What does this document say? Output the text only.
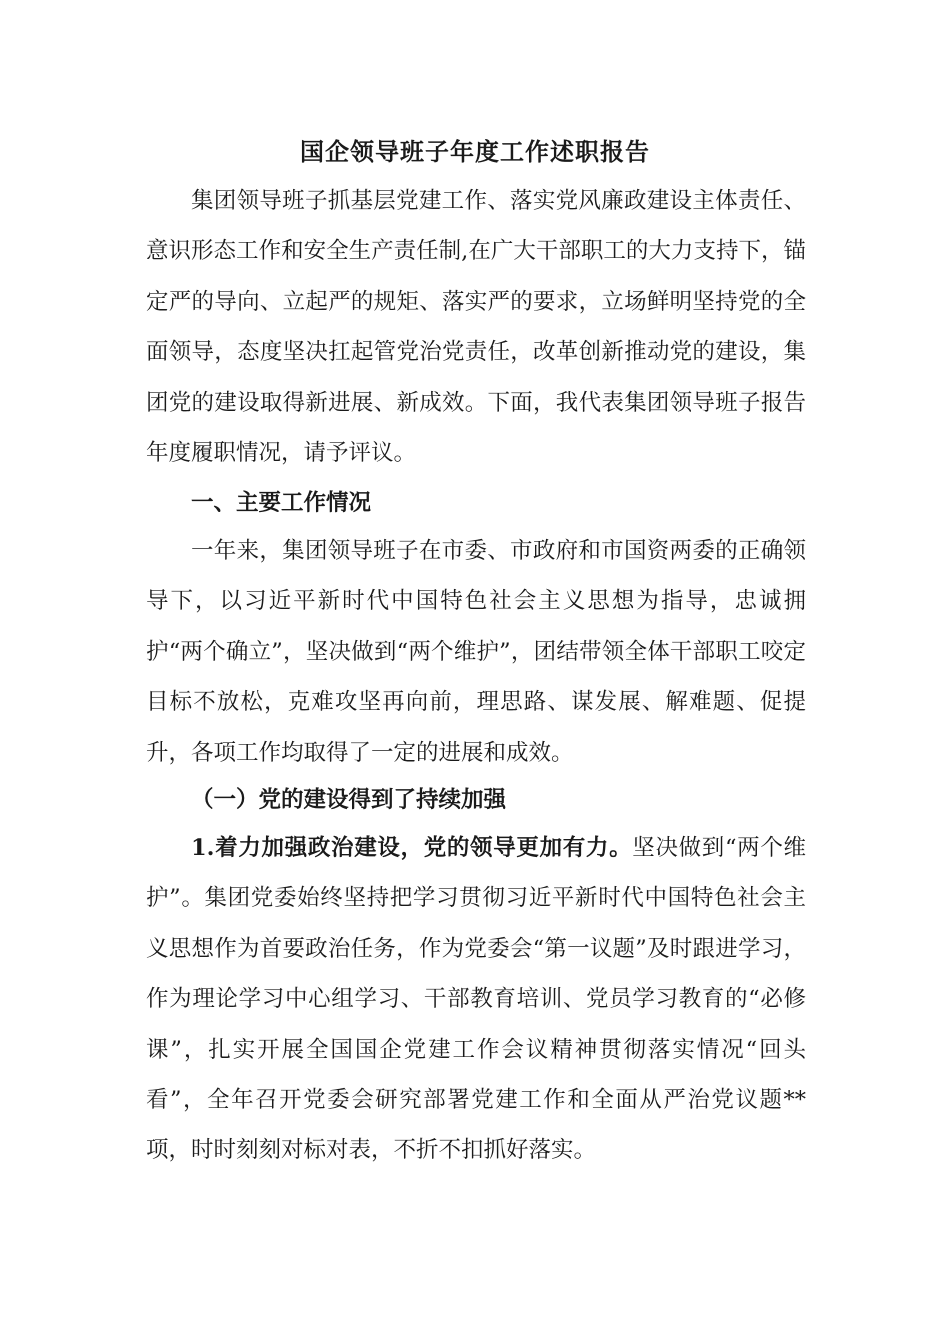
国企领导班子年度工作述职报告

集团领导班子抓基层党建工作、落实党风廉政建设主体责任、意识形态工作和安全生产责任制,在广大干部职工的大力支持下，锚定严的导向、立起严的规矩、落实严的要求，立场鲜明坚持党的全面领导，态度坚决扛起管党治党责任，改革创新推动党的建设，集团党的建设取得新进展、新成效。下面，我代表集团领导班子报告年度履职情况，请予评议。

一、主要工作情况

一年来，集团领导班子在市委、市政府和市国资两委的正确领导下，以习近平新时代中国特色社会主义思想为指导，忠诚拥护“两个确立”，坚决做到“两个维护”，团结带领全体干部职工咬定目标不放松，克难攻坚再向前，理思路、谋发展、解难题、促提升，各项工作均取得了一定的进展和成效。

（一）党的建设得到了持续加强

1.着力加强政治建设，党的领导更加有力。坚决做到“两个维护”。集团党委始终坚持把学习贯彻习近平新时代中国特色社会主义思想作为首要政治任务，作为党委会“第一议题”及时跟进学习，作为理论学习中心组学习、干部教育培训、党员学习教育的“必修课”，扎实开展全国国企党建工作会议精神贯彻落实情况“回头看”，全年召开党委会研究部署党建工作和全面从严治党议题**项，时时刻刻对标对表，不折不扣抓好落实。
